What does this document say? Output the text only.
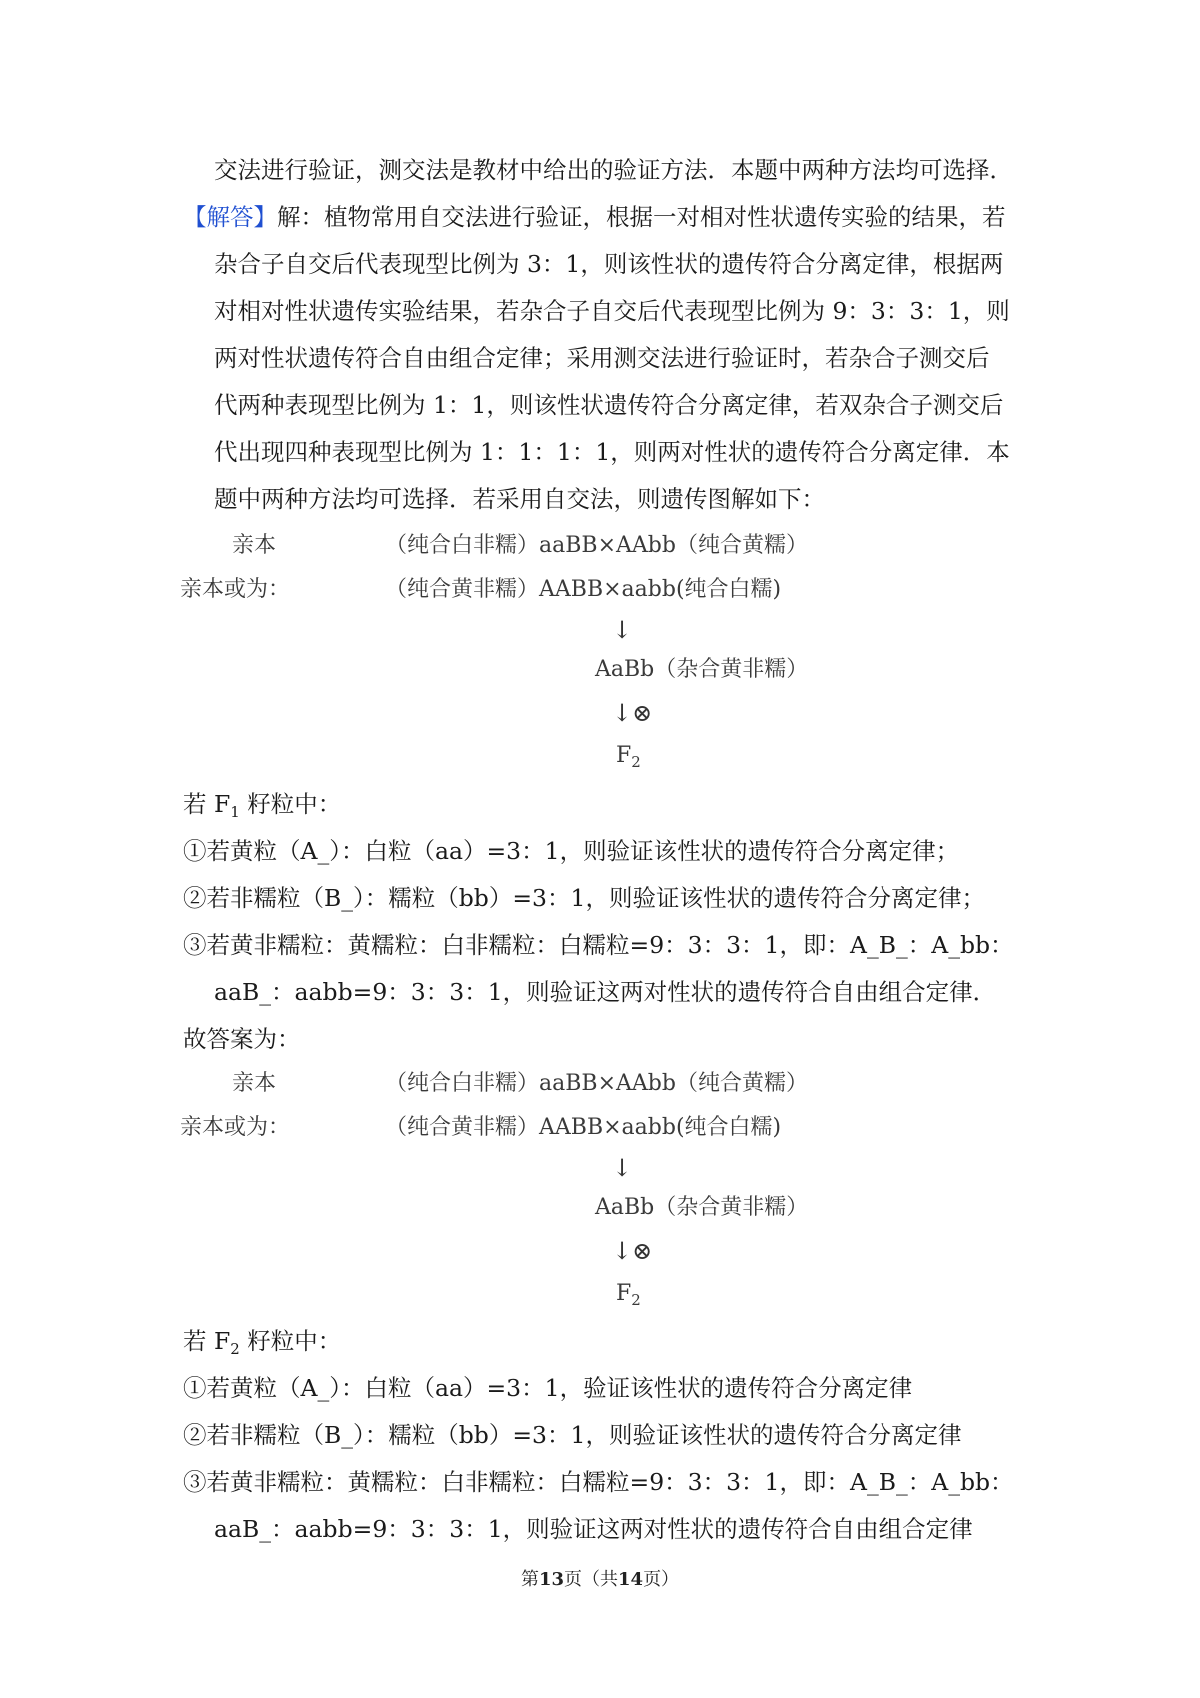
交法进行验证，测交法是教材中给出的验证方法．本题中两种方法均可选择．
【解答】解：植物常用自交法进行验证，根据一对相对性状遗传实验的结果，若
杂合子自交后代表现型比例为 3：1，则该性状的遗传符合分离定律，根据两
对相对性状遗传实验结果，若杂合子自交后代表现型比例为 9：3：3：1，则
两对性状遗传符合自由组合定律；采用测交法进行验证时，若杂合子测交后
代两种表现型比例为 1：1，则该性状遗传符合分离定律，若双杂合子测交后
代出现四种表现型比例为 1：1：1：1，则两对性状的遗传符合分离定律．本
题中两种方法均可选择．若采用自交法，则遗传图解如下：
亲本	（纯合白非糯）aaBB×AAbb（纯合黄糯）
亲本或为：	（纯合黄非糯）AABB×aabb(纯合白糯)
↓
AaBb（杂合黄非糯）
↓⊗
$F_2$
若 $F_1$ 籽粒中：
①若黄粒（A_）：白粒（aa）=3：1，则验证该性状的遗传符合分离定律；
②若非糯粒（B_）：糯粒（bb）=3：1，则验证该性状的遗传符合分离定律；
③若黄非糯粒：黄糯粒：白非糯粒：白糯粒=9：3：3：1，即：A_B_：A_bb：
aaB_：aabb=9：3：3：1，则验证这两对性状的遗传符合自由组合定律．
故答案为：
亲本	（纯合白非糯）aaBB×AAbb（纯合黄糯）
亲本或为：	（纯合黄非糯）AABB×aabb(纯合白糯)
↓
AaBb（杂合黄非糯）
↓⊗
$F_2$
若 $F_2$ 籽粒中：
①若黄粒（A_）：白粒（aa）=3：1，验证该性状的遗传符合分离定律
②若非糯粒（B_）：糯粒（bb）=3：1，则验证该性状的遗传符合分离定律
③若黄非糯粒：黄糯粒：白非糯粒：白糯粒=9：3：3：1，即：A_B_：A_bb：
aaB_：aabb=9：3：3：1，则验证这两对性状的遗传符合自由组合定律
第13页（共14页）
